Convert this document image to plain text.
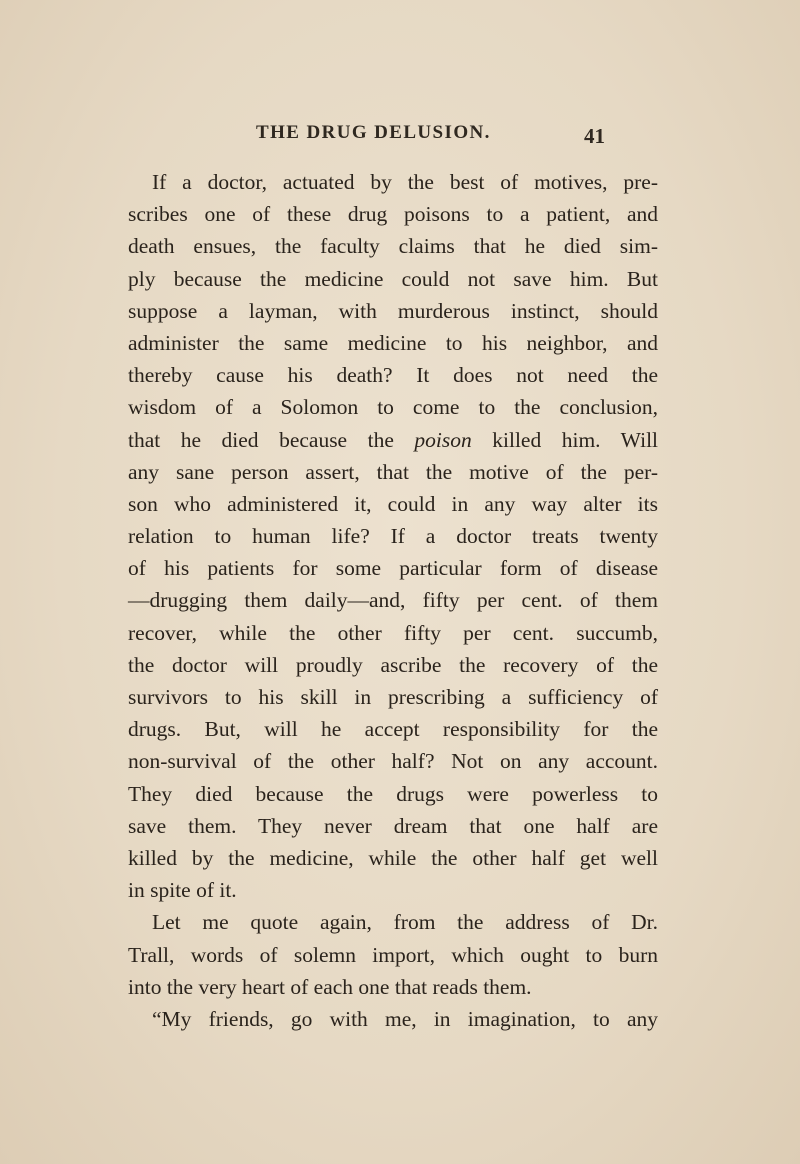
THE DRUG DELUSION.	41
If a doctor, actuated by the best of motives, pre-
scribes one of these drug poisons to a patient, and
death ensues, the faculty claims that he died sim-
ply because the medicine could not save him. But
suppose a layman, with murderous instinct, should
administer the same medicine to his neighbor, and
thereby cause his death? It does not need the
wisdom of a Solomon to come to the conclusion,
that he died because the poison killed him. Will
any sane person assert, that the motive of the per-
son who administered it, could in any way alter its
relation to human life? If a doctor treats twenty
of his patients for some particular form of disease
—drugging them daily—and, fifty per cent. of them
recover, while the other fifty per cent. succumb,
the doctor will proudly ascribe the recovery of the
survivors to his skill in prescribing a sufficiency of
drugs. But, will he accept responsibility for the
non-survival of the other half? Not on any account.
They died because the drugs were powerless to
save them. They never dream that one half are
killed by the medicine, while the other half get well
in spite of it.
Let me quote again, from the address of Dr.
Trall, words of solemn import, which ought to burn
into the very heart of each one that reads them.
“My friends, go with me, in imagination, to any
